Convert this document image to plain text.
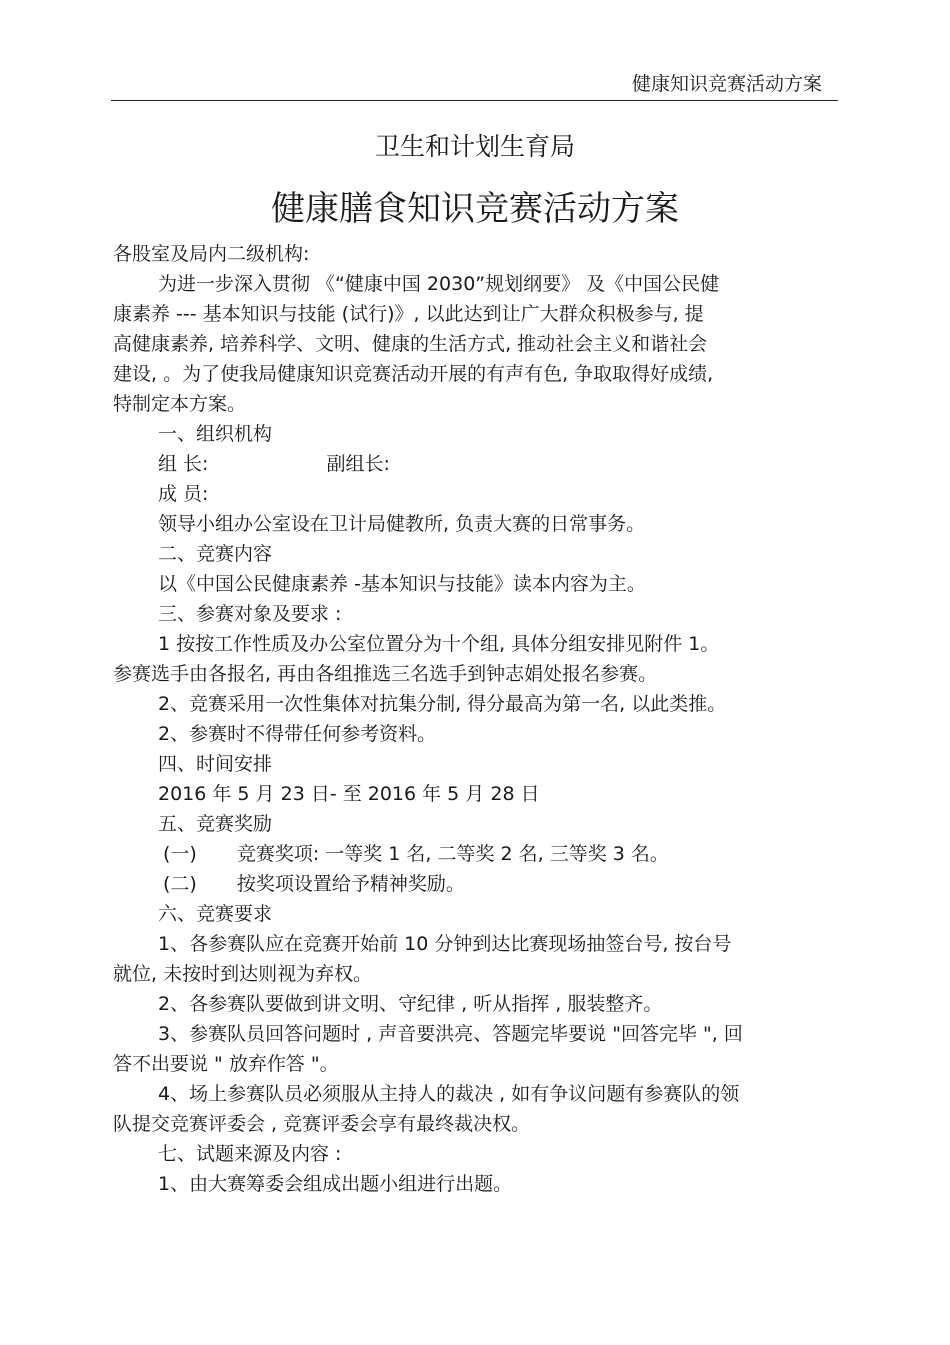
健康知识竞赛活动方案
卫生和计划生育局
健康膳食知识竞赛活动方案

各股室及局内二级机构:

为进一步深入贯彻 《“健康中国 2030”规划纲要》 及《中国公民健

康素养 --- 基本知识与技能 (试行)》, 以此达到让广大群众积极参与, 提

高健康素养, 培养科学、文明、健康的生活方式, 推动社会主义和谐社会

建设, 。为了使我局健康知识竞赛活动开展的有声有色, 争取取得好成绩,

特制定本方案。

一、组织机构

组 长:	副组长:

成 员:

领导小组办公室设在卫计局健教所, 负责大赛的日常事务。

二、竞赛内容

以《中国公民健康素养 -基本知识与技能》读本内容为主。

三、参赛对象及要求 :

1 按按工作性质及办公室位置分为十个组, 具体分组安排见附件 1。

参赛选手由各报名, 再由各组推选三名选手到钟志娟处报名参赛。

2、竞赛采用一次性集体对抗集分制, 得分最高为第一名, 以此类推。

2、参赛时不得带任何参考资料。

四、时间安排

2016 年 5 月 23 日- 至 2016 年 5 月 28 日

五、竞赛奖励

(一) 竞赛奖项: 一等奖 1 名, 二等奖 2 名, 三等奖 3 名。

(二) 按奖项设置给予精神奖励。

六、竞赛要求

1、各参赛队应在竞赛开始前 10 分钟到达比赛现场抽签台号, 按台号

就位, 未按时到达则视为弃权。

2、各参赛队要做到讲文明、守纪律 , 听从指挥 , 服装整齐。

3、参赛队员回答问题时 , 声音要洪亮、答题完毕要说 "回答完毕 ", 回

答不出要说 " 放弃作答 "。

4、场上参赛队员必须服从主持人的裁决 , 如有争议问题有参赛队的领

队提交竞赛评委会 , 竞赛评委会享有最终裁决权。

七、试题来源及内容 :

1、由大赛筹委会组成出题小组进行出题。
